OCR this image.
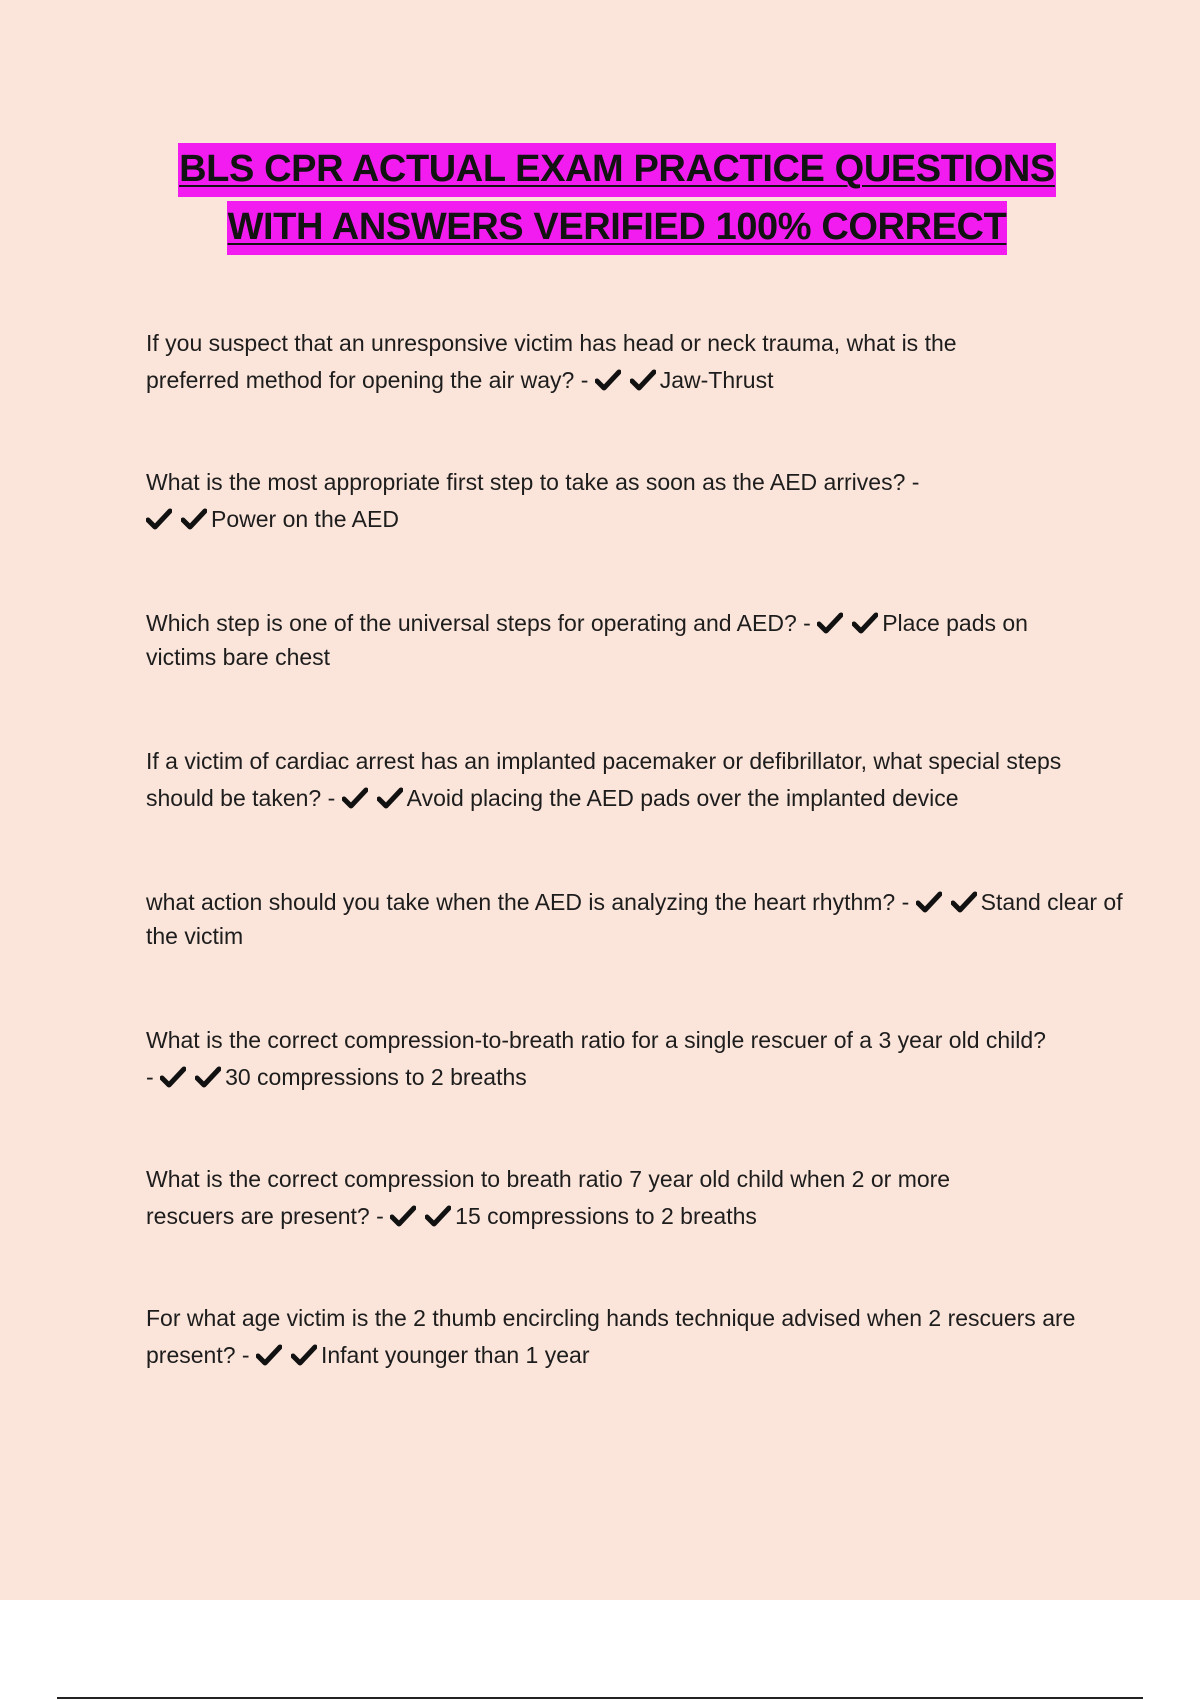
BLS CPR ACTUAL EXAM PRACTICE QUESTIONS
WITH ANSWERS VERIFIED 100% CORRECT

If you suspect that an unresponsive victim has head or neck trauma, what is the preferred method for opening the air way? -	Jaw-Thrust

What is the most appropriate first step to take as soon as the AED arrives? -
Power on the AED

Which step is one of the universal steps for operating and AED? -	Place pads on victims bare chest

If a victim of cardiac arrest has an implanted pacemaker or defibrillator, what special steps should be taken? -	Avoid placing the AED pads over the implanted device

what action should you take when the AED is analyzing the heart rhythm? -	Stand clear of the victim

What is the correct compression-to-breath ratio for a single rescuer of a 3 year old child? -	30 compressions to 2 breaths

What is the correct compression to breath ratio 7 year old child when 2 or more rescuers are present? -	15 compressions to 2 breaths

For what age victim is the 2 thumb encircling hands technique advised when 2 rescuers are present? -	Infant younger than 1 year
